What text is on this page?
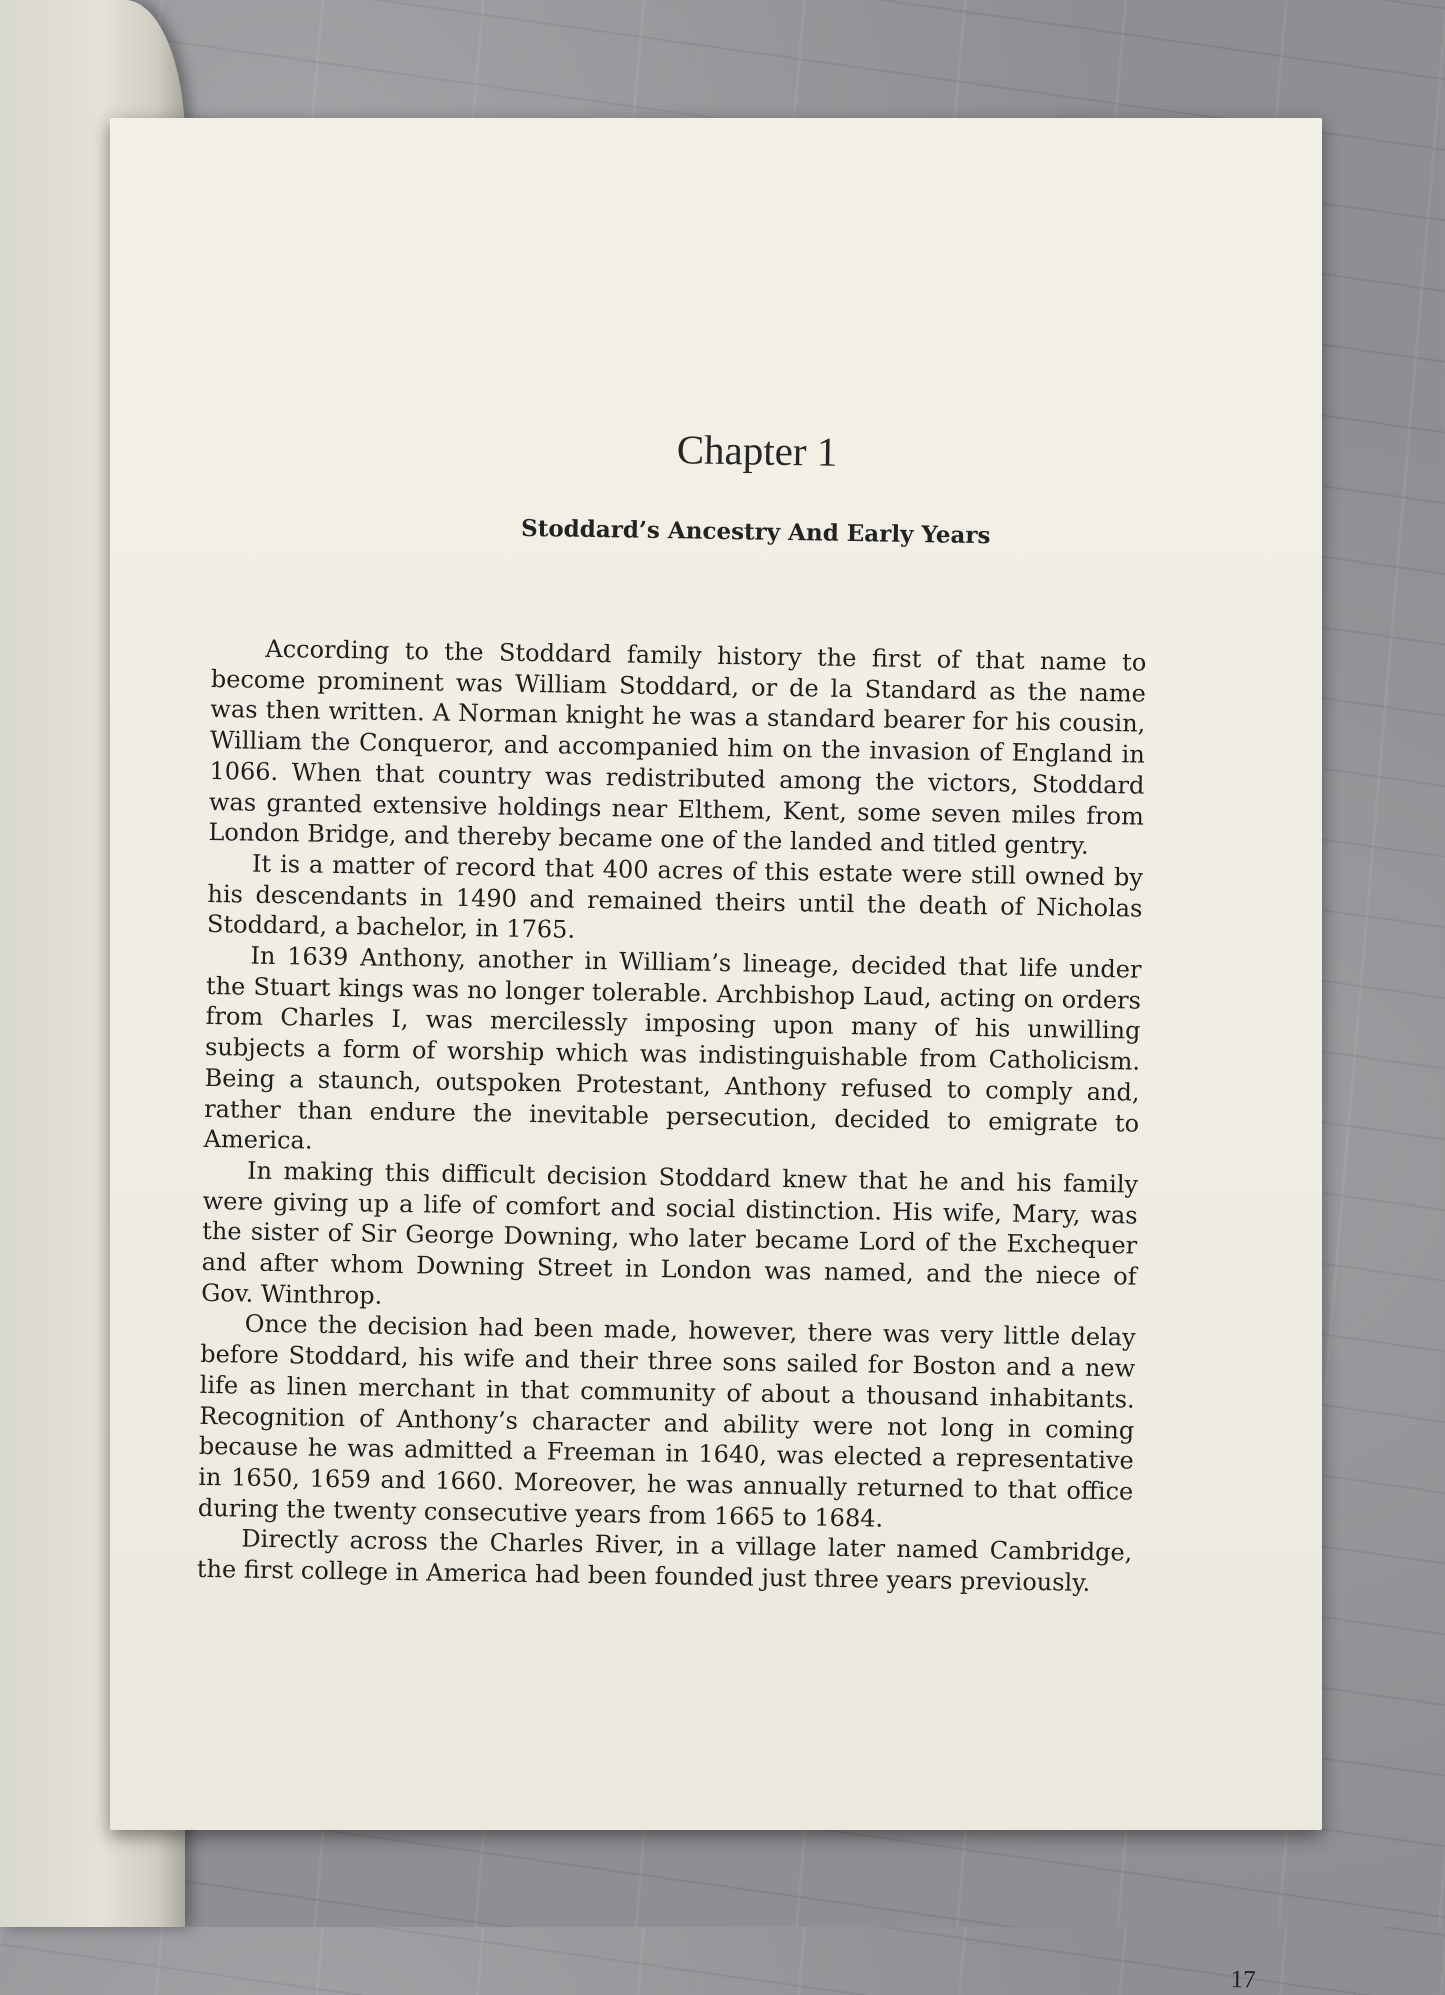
Chapter 1
Stoddard’s Ancestry And Early Years

According to the Stoddard family history the first of that name to become prominent was William Stoddard, or de la Standard as the name was then written. A Norman knight he was a standard bearer for his cousin, William the Conqueror, and accompanied him on the invasion of England in 1066. When that country was redistributed among the victors, Stoddard was granted extensive holdings near Elthem, Kent, some seven miles from London Bridge, and thereby became one of the landed and titled gentry.

It is a matter of record that 400 acres of this estate were still owned by his descendants in 1490 and remained theirs until the death of Nicholas Stoddard, a bachelor, in 1765.

In 1639 Anthony, another in William’s lineage, decided that life under the Stuart kings was no longer tolerable. Archbishop Laud, acting on orders from Charles I, was mercilessly imposing upon many of his unwilling subjects a form of worship which was indistinguishable from Catholicism. Being a staunch, outspoken Protestant, Anthony refused to comply and, rather than endure the inevitable persecution, decided to emigrate to America.

In making this difficult decision Stoddard knew that he and his family were giving up a life of comfort and social distinction. His wife, Mary, was the sister of Sir George Downing, who later became Lord of the Exchequer and after whom Downing Street in London was named, and the niece of Gov. Winthrop.

Once the decision had been made, however, there was very little delay before Stoddard, his wife and their three sons sailed for Boston and a new life as linen merchant in that community of about a thousand inhabitants. Recognition of Anthony’s character and ability were not long in coming because he was admitted a Freeman in 1640, was elected a representative in 1650, 1659 and 1660. Moreover, he was annually returned to that office during the twenty consecutive years from 1665 to 1684.

Directly across the Charles River, in a village later named Cambridge, the first college in America had been founded just three years previously.

17
